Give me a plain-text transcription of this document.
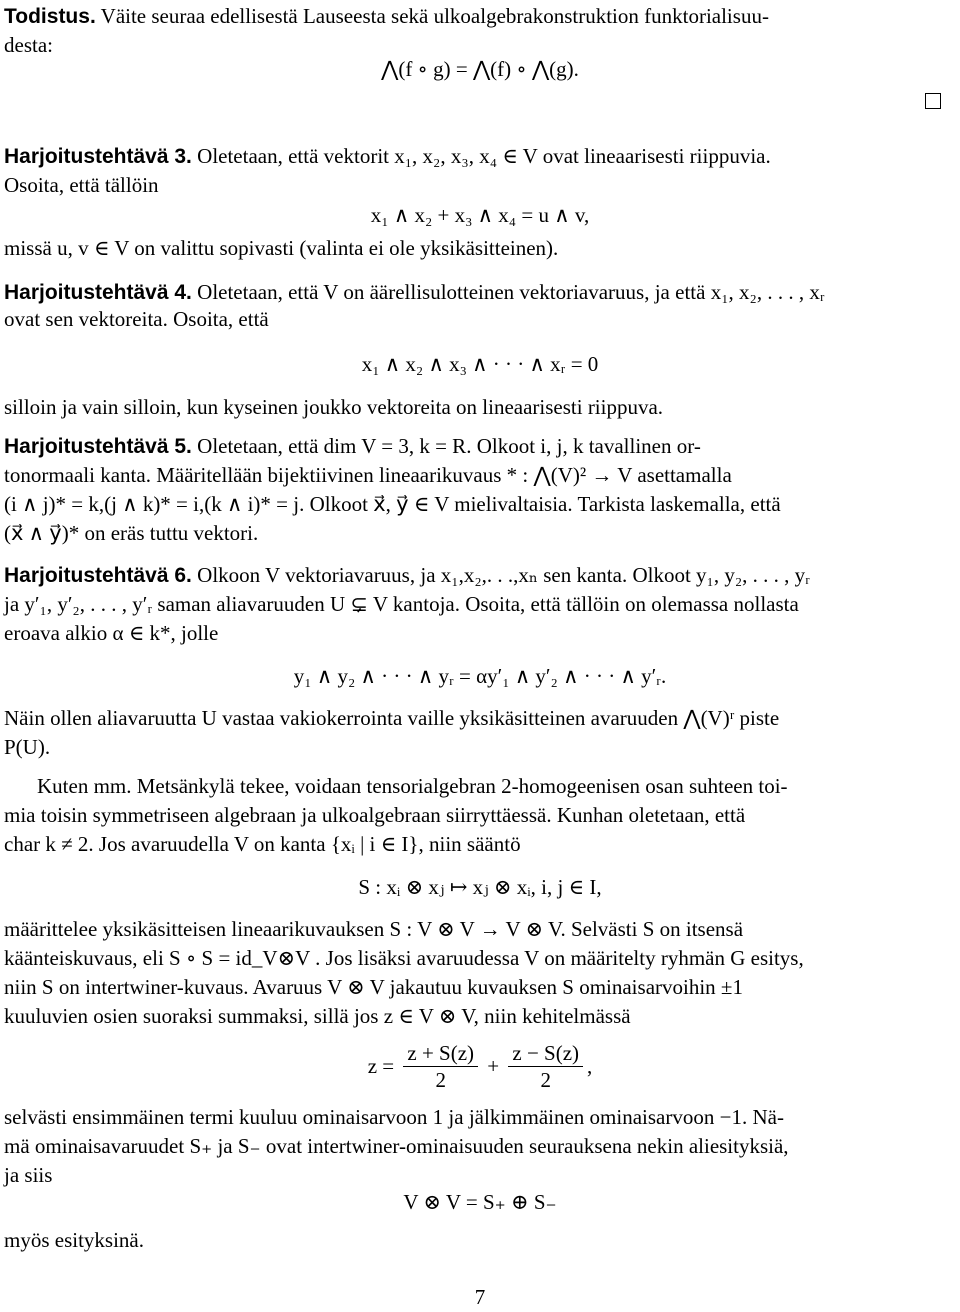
Todistus. Väite seuraa edellisestä Lauseesta sekä ulkoalgebrakonstruktion funktorialisuu-
desta:
⋀(f ∘ g) = ⋀(f) ∘ ⋀(g).
Harjoitustehtävä 3. Oletetaan, että vektorit x₁, x₂, x₃, x₄ ∈ V ovat lineaarisesti riippuvia.
Osoita, että tällöin
x₁ ∧ x₂ + x₃ ∧ x₄ = u ∧ v,
missä u, v ∈ V on valittu sopivasti (valinta ei ole yksikäsitteinen).
Harjoitustehtävä 4. Oletetaan, että V on äärellisulotteinen vektoriavaruus, ja että x₁, x₂, . . . , xᵣ
ovat sen vektoreita. Osoita, että
x₁ ∧ x₂ ∧ x₃ ∧ · · · ∧ xᵣ = 0
silloin ja vain silloin, kun kyseinen joukko vektoreita on lineaarisesti riippuva.
Harjoitustehtävä 5. Oletetaan, että dim V = 3, k = R. Olkoot i, j, k tavallinen or-
tonormaali kanta. Määritellään bijektiivinen lineaarikuvaus * : ⋀(V)² → V asettamalla
(i ∧ j)* = k,(j ∧ k)* = i,(k ∧ i)* = j. Olkoot x⃗, y⃗ ∈ V mielivaltaisia. Tarkista laskemalla, että
(x⃗ ∧ y⃗)* on eräs tuttu vektori.
Harjoitustehtävä 6. Olkoon V vektoriavaruus, ja x₁,x₂,. . .,xₙ sen kanta. Olkoot y₁, y₂, . . . , yᵣ
ja y′₁, y′₂, . . . , y′ᵣ saman aliavaruuden U ⊊ V kantoja. Osoita, että tällöin on olemassa nollasta
eroava alkio α ∈ k*, jolle
y₁ ∧ y₂ ∧ · · · ∧ yᵣ = αy′₁ ∧ y′₂ ∧ · · · ∧ y′ᵣ.
Näin ollen aliavaruutta U vastaa vakiokerrointa vaille yksikäsitteinen avaruuden ⋀(V)ʳ piste
P(U).
Kuten mm. Metsänkylä tekee, voidaan tensorialgebran 2-homogeenisen osan suhteen toi-
mia toisin symmetriseen algebraan ja ulkoalgebraan siirryttäessä. Kunhan oletetaan, että
char k ≠ 2. Jos avaruudella V on kanta {xᵢ | i ∈ I}, niin sääntö
S : xᵢ ⊗ xⱼ ↦ xⱼ ⊗ xᵢ, i, j ∈ I,
määrittelee yksikäsitteisen lineaarikuvauksen S : V ⊗ V → V ⊗ V. Selvästi S on itsensä
käänteiskuvaus, eli S ∘ S = id_V⊗V . Jos lisäksi avaruudessa V on määritelty ryhmän G esitys,
niin S on intertwiner-kuvaus. Avaruus V ⊗ V jakautuu kuvauksen S ominaisarvoihin ±1
kuuluvien osien suoraksi summaksi, sillä jos z ∈ V ⊗ V, niin kehitelmässä
$z = \frac{z + S(z)}{2} + \frac{z - S(z)}{2}$ ,
selvästi ensimmäinen termi kuuluu ominaisarvoon 1 ja jälkimmäinen ominaisarvoon −1. Nä-
mä ominaisavaruudet S₊ ja S₋ ovat intertwiner-ominaisuuden seurauksena nekin aliesityksiä,
ja siis
V ⊗ V = S₊ ⊕ S₋
myös esityksinä.
7
